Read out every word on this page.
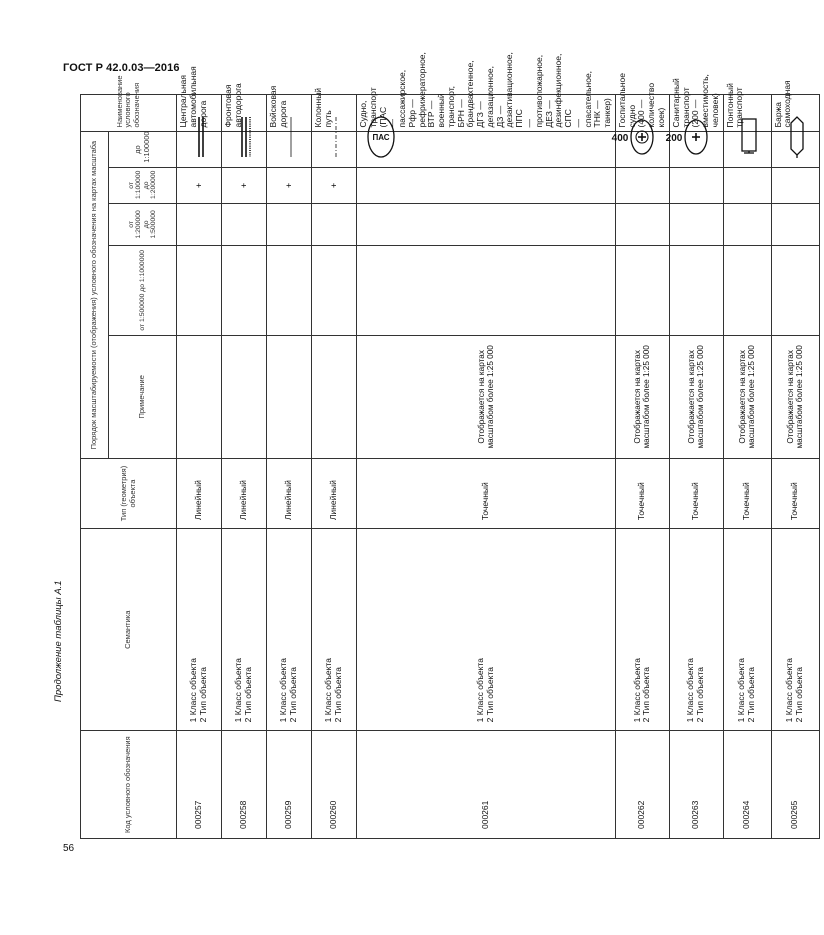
ГОСТ Р 42.0.03—2016
Продолжение таблицы А.1
56
Код условного обозначения	Семантика	Тип (геометрия) объекта	Порядок масштабируемости (отображения) условного обозначения на картах масштаба					Наименование условного обозначения
			Примечание	от 1:500000 до 1:1000000	от 1:200000 до 1:500000	от 1:100000 до 1:200000	до 1:100000	
000257	1 Класс объекта 2 Тип объекта	Линейный				+		Центральная автомобильная дорога
000258	1 Класс объекта 2 Тип объекта	Линейный				+		Фронтовая автодорога
000259	1 Класс объекта 2 Тип объекта	Линейный				+		Войсковая дорога
000260	1 Класс объекта 2 Тип объекта	Линейный				+		Колонный путь
000261	1 Класс объекта 2 Тип объекта	Точечный	Отображается на картах масштабом более 1:25 000				ПАС	Судно, транспорт (ПАС — пассажирское, Рфр — рефрижераторное, ВТР — военный транспорт, БРН — брандвахтенное, ДГЗ — дегазационное, ДЗ — дезактивационное, ППС — противопожарное, ДЕЗ — дезинфекционное, СПС — спасательное, ТНК — танкер)
000262	1 Класс объекта 2 Тип объекта	Точечный	Отображается на картах масштабом более 1:25 000				400	Госпитальное судно (400 — количество коек)
000263	1 Класс объекта 2 Тип объекта	Точечный	Отображается на картах масштабом более 1:25 000				200	Санитарный транспорт (200 — вместимость, человек)
000264	1 Класс объекта 2 Тип объекта	Точечный	Отображается на картах масштабом более 1:25 000					Понтонный транспорт
000265	1 Класс объекта 2 Тип объекта	Точечный	Отображается на картах масштабом более 1:25 000					Баржа самоходная
